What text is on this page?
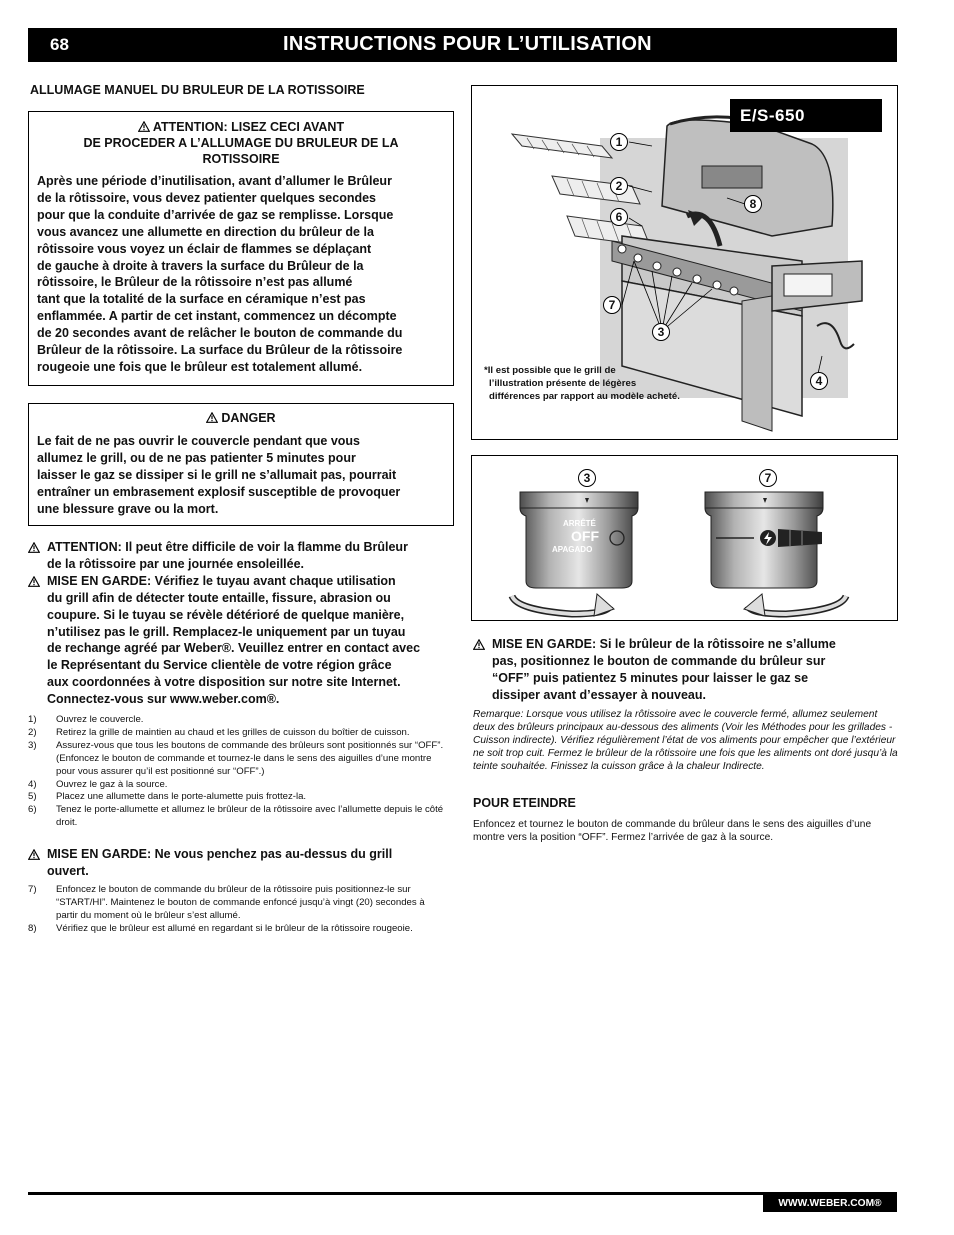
68	INSTRUCTIONS POUR L’UTILISATION
ALLUMAGE MANUEL DU BRULEUR DE LA ROTISSOIRE
ATTENTION: LISEZ CECI AVANT
DE PROCEDER A L’ALLUMAGE DU BRULEUR DE LA
ROTISSOIRE
Après une période d’inutilisation, avant d’allumer le Brûleur
de la rôtissoire, vous devez patienter quelques secondes
pour que la conduite d’arrivée de gaz se remplisse. Lorsque
vous avancez une allumette en direction du brûleur de la
rôtissoire vous voyez un éclair de flammes se déplaçant
de gauche à droite à travers la surface du Brûleur de la
rôtissoire, le Brûleur de la rôtissoire n’est pas allumé
tant que la totalité de la surface en céramique n’est pas
enflammée. A partir de cet instant, commencez un décompte
de 20 secondes avant de relâcher le bouton de commande du
Brûleur de la rôtissoire. La surface du Brûleur de la rôtissoire
rougeoie une fois que le brûleur est totalement allumé.
DANGER
Le fait de ne pas ouvrir le couvercle pendant que vous
allumez le grill, ou de ne pas patienter 5 minutes pour
laisser le gaz se dissiper si le grill ne s’allumait pas, pourrait
entraîner un embrasement explosif susceptible de provoquer
une blessure grave ou la mort.
ATTENTION: Il peut être difficile de voir la flamme du Brûleur
de la rôtissoire par une journée ensoleillée.
MISE EN GARDE: Vérifiez le tuyau avant chaque utilisation
du grill afin de détecter toute entaille, fissure, abrasion ou
coupure. Si le tuyau se révèle détérioré de quelque manière,
n’utilisez pas le grill. Remplacez-le uniquement par un tuyau
de rechange agréé par Weber®. Veuillez entrer en contact avec
le Représentant du Service clientèle de votre région grâce
aux coordonnées à votre disposition sur notre site Internet.
Connectez-vous sur www.weber.com®.
1)	Ouvrez le couvercle.
2)	Retirez la grille de maintien au chaud et les grilles de cuisson du boîtier de cuisson.
3)	Assurez-vous que tous les boutons de commande des brûleurs sont positionnés sur “OFF”. (Enfoncez le bouton de commande et tournez-le dans le sens des aiguilles d’une montre pour vous assurer qu’il est positionné sur “OFF”.)
4)	Ouvrez le gaz à la source.
5)	Placez une allumette dans le porte-alumette puis frottez-la.
6)	Tenez le porte-allumette et allumez le brûleur de la rôtissoire avec l’allumette depuis le côté droit.
MISE EN GARDE: Ne vous penchez pas au-dessus du grill
ouvert.
7)	Enfoncez le bouton de commande du brûleur de la rôtissoire puis positionnez-le sur “START/HI”. Maintenez le bouton de commande enfoncé jusqu’à vingt (20) secondes à partir du moment où le brûleur s’est allumé.
8)	Vérifiez que le brûleur est allumé en regardant si le brûleur de la rôtissoire rougeoie.
1
2
6
8
7
3
4
E/S-650
*Il est possible que le grill de
l’illustration présente de légères
différences par rapport au modèle acheté.
ARRÊTÉ
OFF
APAGADO
3	7
MISE EN GARDE: Si le brûleur de la rôtissoire ne s’allume
pas, positionnez le bouton de commande du brûleur sur
“OFF” puis patientez 5 minutes pour laisser le gaz se
dissiper avant d’essayer à nouveau.
Remarque: Lorsque vous utilisez la rôtissoire avec le couvercle fermé, allumez seulement deux des brûleurs principaux au-dessous des aliments (Voir les Méthodes pour les grillades - Cuisson indirecte). Vérifiez régulièrement l’état de vos aliments pour empêcher que l’extérieur ne soit trop cuit. Fermez le brûleur de la rôtissoire une fois que les aliments ont doré jusqu’à la teinte souhaitée. Finissez la cuisson grâce à la chaleur Indirecte.
POUR ETEINDRE
Enfoncez et tournez le bouton de commande du brûleur dans le sens des aiguilles d’une montre vers la position “OFF”. Fermez l’arrivée de gaz à la source.
WWW.WEBER.COM®
